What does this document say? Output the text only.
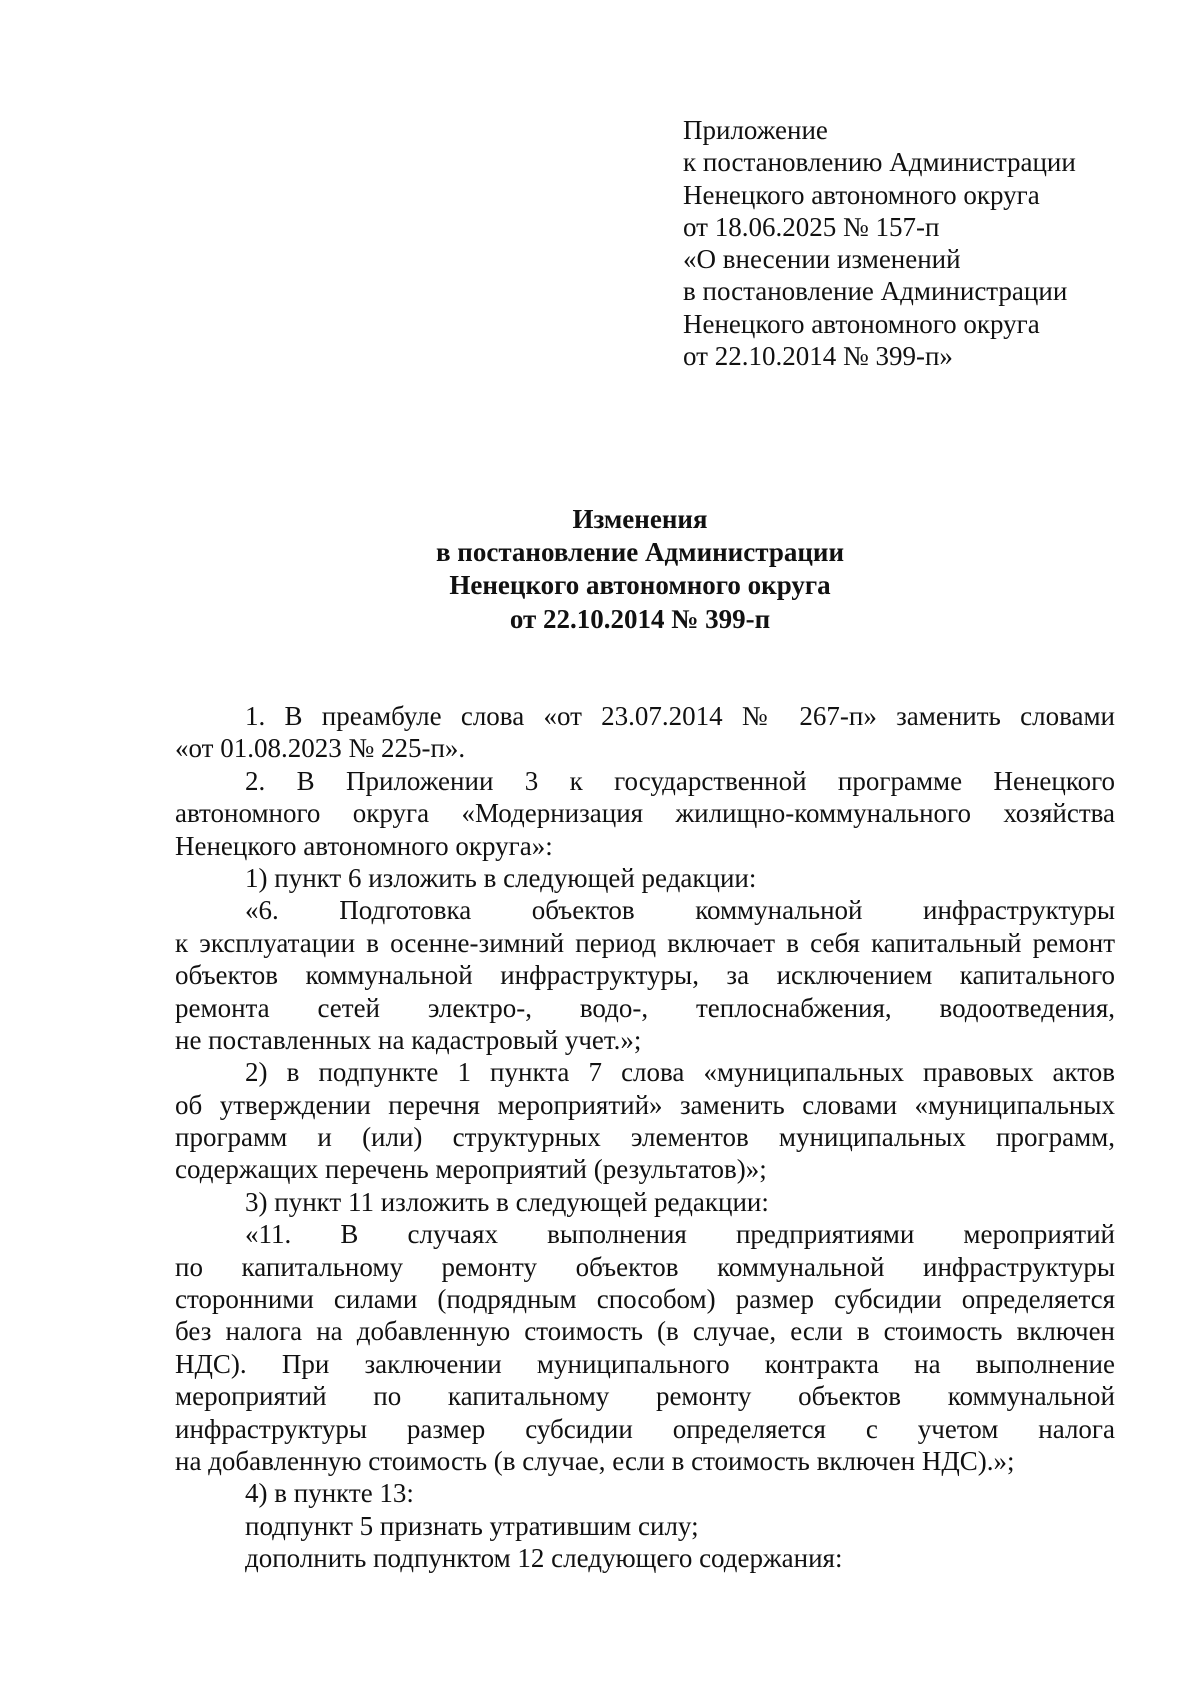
Приложение
к постановлению Администрации
Ненецкого автономного округа
от 18.06.2025 № 157-п
«О внесении изменений
в постановление Администрации
Ненецкого автономного округа
от 22.10.2014 № 399-п»
Изменения
в постановление Администрации
Ненецкого автономного округа
от 22.10.2014 № 399-п
1. В преамбуле слова «от 23.07.2014 № 267-п» заменить словами
«от 01.08.2023 № 225-п».
2. В Приложении 3 к государственной программе Ненецкого
автономного округа «Модернизация жилищно-коммунального хозяйства
Ненецкого автономного округа»:
1) пункт 6 изложить в следующей редакции:
«6. Подготовка объектов коммунальной инфраструктуры
к эксплуатации в осенне-зимний период включает в себя капитальный ремонт
объектов коммунальной инфраструктуры, за исключением капитального
ремонта сетей электро-, водо-, теплоснабжения, водоотведения,
не поставленных на кадастровый учет.»;
2) в подпункте 1 пункта 7 слова «муниципальных правовых актов
об утверждении перечня мероприятий» заменить словами «муниципальных
программ и (или) структурных элементов муниципальных программ,
содержащих перечень мероприятий (результатов)»;
3) пункт 11 изложить в следующей редакции:
«11. В случаях выполнения предприятиями мероприятий
по капитальному ремонту объектов коммунальной инфраструктуры
сторонними силами (подрядным способом) размер субсидии определяется
без налога на добавленную стоимость (в случае, если в стоимость включен
НДС). При заключении муниципального контракта на выполнение
мероприятий по капитальному ремонту объектов коммунальной
инфраструктуры размер субсидии определяется с учетом налога
на добавленную стоимость (в случае, если в стоимость включен НДС).»;
4) в пункте 13:
подпункт 5 признать утратившим силу;
дополнить подпунктом 12 следующего содержания:
